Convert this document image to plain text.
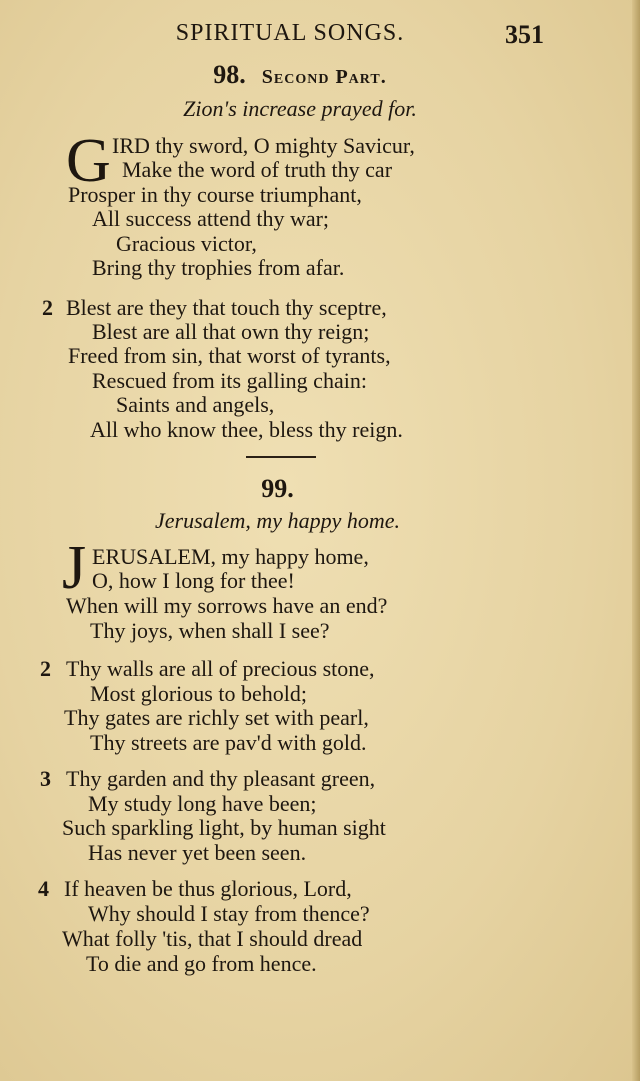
SPIRITUAL SONGS.	351
98. Second Part.
Zion's increase prayed for.
G IRD thy sword, O mighty Savicur,
Make the word of truth thy car
Prosper in thy course triumphant,
All success attend thy war;
Gracious victor,
Bring thy trophies from afar.
2 Blest are they that touch thy sceptre,
Blest are all that own thy reign;
Freed from sin, that worst of tyrants,
Rescued from its galling chain:
Saints and angels,
All who know thee, bless thy reign.
99.
Jerusalem, my happy home.
J ERUSALEM, my happy home,
O, how I long for thee!
When will my sorrows have an end?
Thy joys, when shall I see?
2 Thy walls are all of precious stone,
Most glorious to behold;
Thy gates are richly set with pearl,
Thy streets are pav'd with gold.
3 Thy garden and thy pleasant green,
My study long have been;
Such sparkling light, by human sight
Has never yet been seen.
4 If heaven be thus glorious, Lord,
Why should I stay from thence?
What folly 'tis, that I should dread
To die and go from hence.
